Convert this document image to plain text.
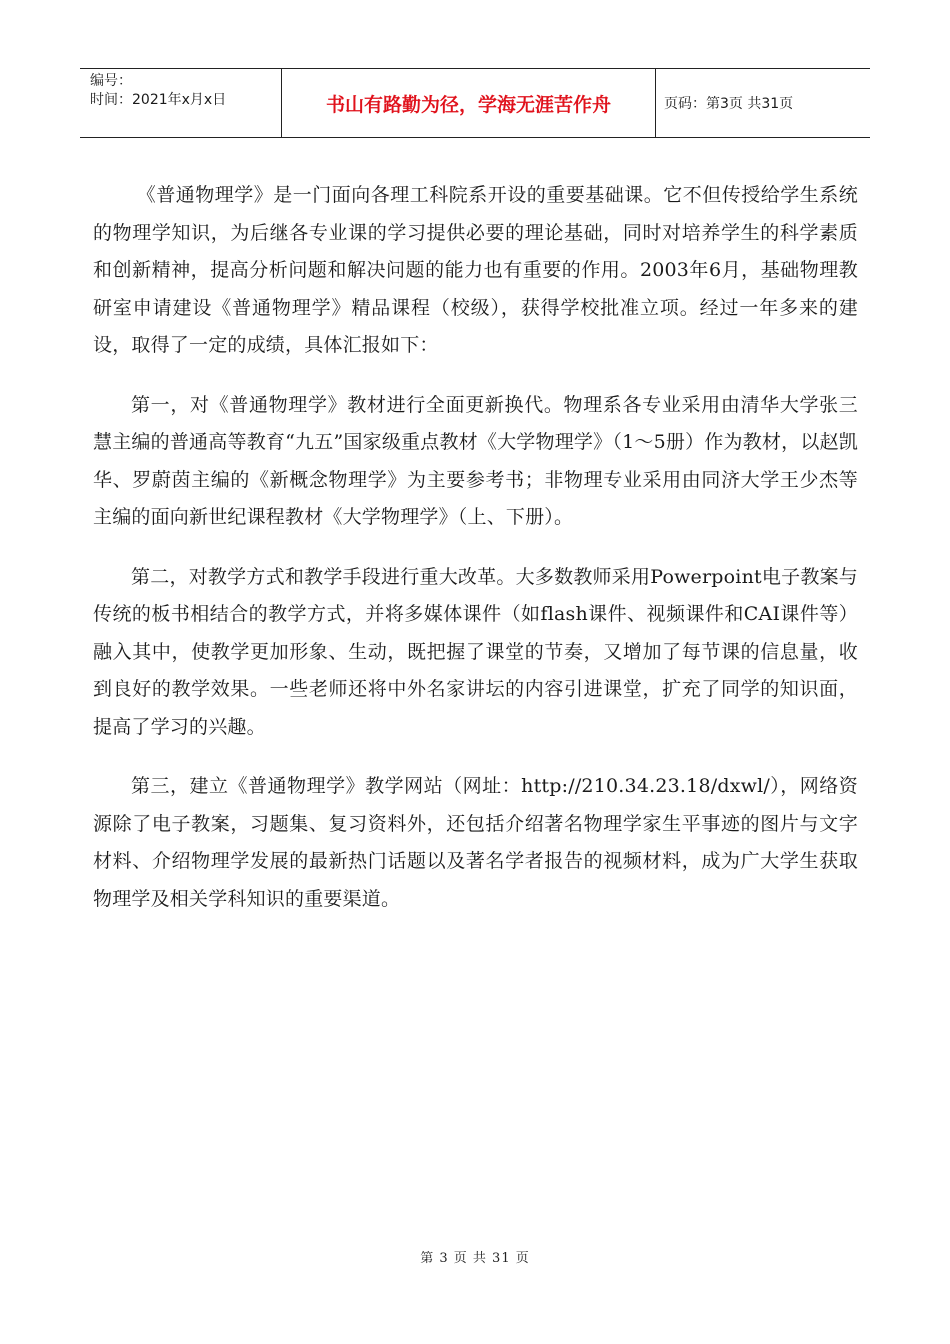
编号：
时间：2021年x月x日	书山有路勤为径，学海无涯苦作舟	页码：第3页 共31页

《普通物理学》是一门面向各理工科院系开设的重要基础课。它不但传授给学生系统的物理学知识，为后继各专业课的学习提供必要的理论基础，同时对培养学生的科学素质和创新精神，提高分析问题和解决问题的能力也有重要的作用。2003年6月，基础物理教研室申请建设《普通物理学》精品课程（校级），获得学校批准立项。经过一年多来的建设，取得了一定的成绩，具体汇报如下：

第一，对《普通物理学》教材进行全面更新换代。物理系各专业采用由清华大学张三慧主编的普通高等教育“九五”国家级重点教材《大学物理学》（1～5册）作为教材，以赵凯华、罗蔚茵主编的《新概念物理学》为主要参考书；非物理专业采用由同济大学王少杰等主编的面向新世纪课程教材《大学物理学》（上、下册）。

第二，对教学方式和教学手段进行重大改革。大多数教师采用Powerpoint电子教案与传统的板书相结合的教学方式，并将多媒体课件（如flash课件、视频课件和CAI课件等）融入其中，使教学更加形象、生动，既把握了课堂的节奏，又增加了每节课的信息量，收到良好的教学效果。一些老师还将中外名家讲坛的内容引进课堂，扩充了同学的知识面，提高了学习的兴趣。

第三，建立《普通物理学》教学网站（网址：http://210.34.23.18/dxwl/），网络资源除了电子教案，习题集、复习资料外，还包括介绍著名物理学家生平事迹的图片与文字材料、介绍物理学发展的最新热门话题以及著名学者报告的视频材料，成为广大学生获取物理学及相关学科知识的重要渠道。

第 3 页 共 31 页
